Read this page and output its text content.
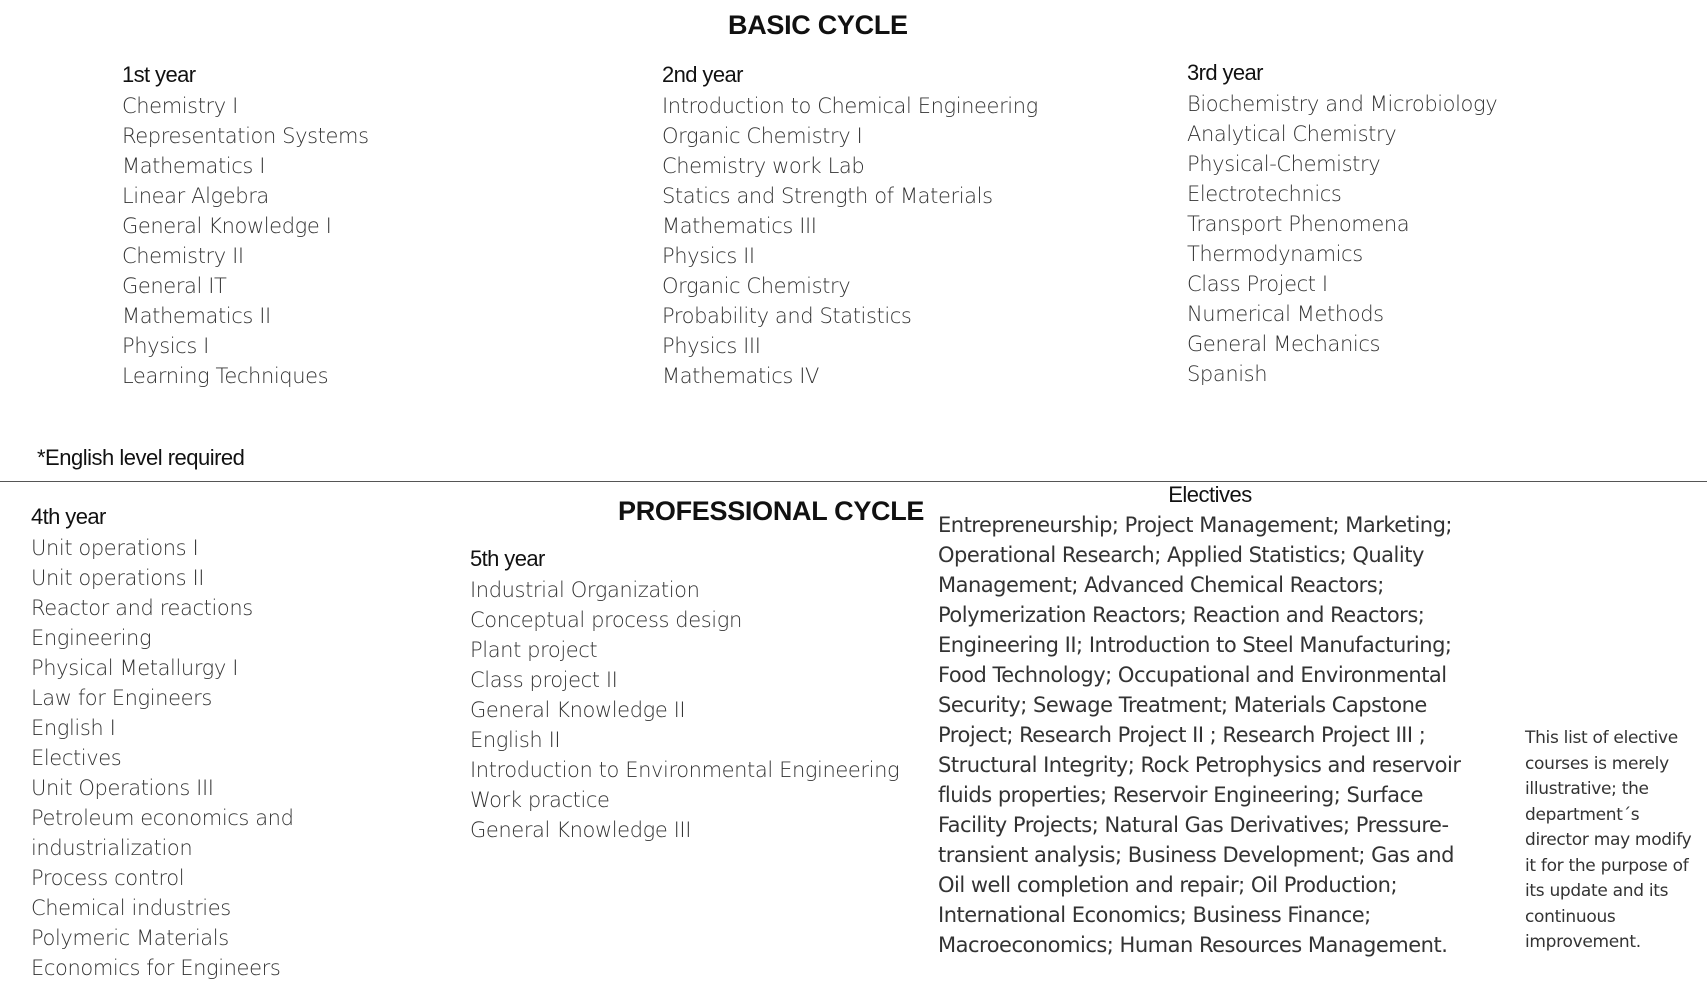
BASIC CYCLE
1st year
Chemistry I
Representation Systems
Mathematics I
Linear Algebra
General Knowledge I
Chemistry II
General IT
Mathematics II
Physics I
Learning Techniques
2nd year
Introduction to Chemical Engineering
Organic Chemistry I
Chemistry work Lab
Statics and Strength of Materials
Mathematics III
Physics II
Organic Chemistry
Probability and Statistics
Physics III
Mathematics IV
3rd year
Biochemistry and Microbiology
Analytical Chemistry
Physical-Chemistry
Electrotechnics
Transport Phenomena
Thermodynamics
Class Project I
Numerical Methods
General Mechanics
Spanish
*English level required
PROFESSIONAL CYCLE
4th year
Unit operations I
Unit operations II
Reactor and reactions Engineering
Physical Metallurgy I
Law for Engineers
English I
Electives
Unit Operations III
Petroleum economics and industrialization
Process control
Chemical industries
Polymeric Materials
Economics for Engineers
5th year
Industrial Organization
Conceptual process design
Plant project
Class project II
General Knowledge II
English II
Introduction to Environmental Engineering
Work practice
General Knowledge III
Electives
Entrepreneurship; Project Management; Marketing; Operational Research; Applied Statistics; Quality Management; Advanced Chemical Reactors; Polymerization Reactors; Reaction and Reactors; Engineering II; Introduction to Steel Manufacturing; Food Technology; Occupational and Environmental Security; Sewage Treatment; Materials Capstone Project; Research Project II ; Research Project III ; Structural Integrity; Rock Petrophysics and reservoir fluids properties; Reservoir Engineering; Surface Facility Projects; Natural Gas Derivatives; Pressure-transient analysis; Business Development; Gas and Oil well completion and repair; Oil Production; International Economics; Business Finance; Macroeconomics; Human Resources Management.
This list of elective courses is merely illustrative; the department´s director may modify it for the purpose of its update and its continuous improvement.
